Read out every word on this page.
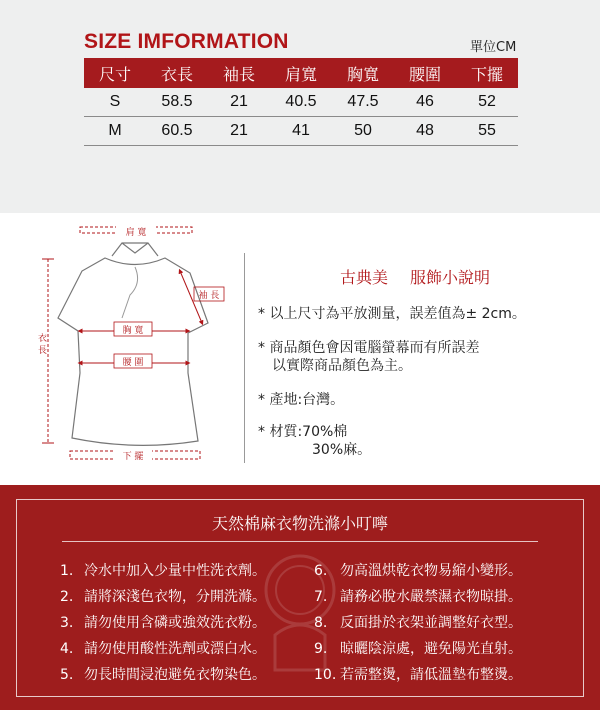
SIZE IMFORMATION	單位CM
尺寸	衣長	袖長	肩寬	胸寬	腰圍	下擺
S	58.5	21	40.5	47.5	46	52
M	60.5	21	41	50	48	55
肩 寬
袖 長
衣長
胸 寬
腰 圍
下 擺
古典美 服飾小說明
* 以上尺寸為平放測量，誤差值為± 2cm。
* 商品顏色會因電腦螢幕而有所誤差
以實際商品顏色為主。
* 產地:台灣。
* 材質:70%棉
30%麻。
天然棉麻衣物洗滌小叮嚀
1. 冷水中加入少量中性洗衣劑。
2. 請將深淺色衣物，分開洗滌。
3. 請勿使用含磷或強效洗衣粉。
4. 請勿使用酸性洗劑或漂白水。
5. 勿長時間浸泡避免衣物染色。
6. 勿高溫烘乾衣物易縮小變形。
7. 請務必脫水嚴禁濕衣物晾掛。
8. 反面掛於衣架並調整好衣型。
9. 晾曬陰涼處，避免陽光直射。
10. 若需整燙，請低溫墊布整燙。
